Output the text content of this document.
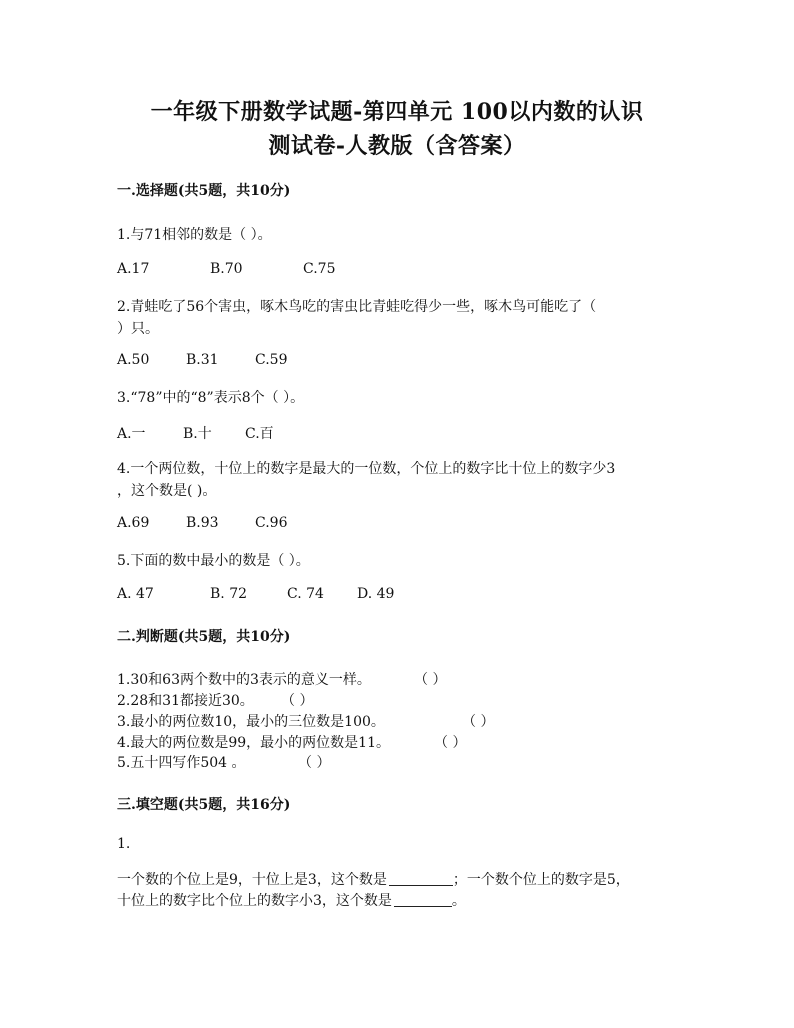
一年级下册数学试题-第四单元 100以内数的认识
测试卷-人教版（含答案）
一.选择题(共5题，共10分)
1.与71相邻的数是（ ）。
A.17	B.70	C.75
2.青蛙吃了56个害虫，啄木鸟吃的害虫比青蛙吃得少一些，啄木鸟可能吃了（
）只。
A.50	B.31	C.59
3.“78”中的“8”表示8个（ ）。
A.一	B.十 C.百
4.一个两位数，十位上的数字是最大的一位数，个位上的数字比十位上的数字少3
，这个数是( )。
A.69	B.93	C.96
5.下面的数中最小的数是（ ）。
A. 47	B. 72	C. 74 D. 49
二.判断题(共5题，共10分)
1.30和63两个数中的3表示的意义一样。	（ ）
2.28和31都接近30。 （ ）
3.最小的两位数10，最小的三位数是100。	（ ）
4.最大的两位数是99，最小的两位数是11。	（ ）
5.五十四写作504 。	（ ）
三.填空题(共5题，共16分)
1.
一个数的个位上是9，十位上是3，这个数是	；一个数个位上的数字是5，
十位上的数字比个位上的数字小3，这个数是	。
